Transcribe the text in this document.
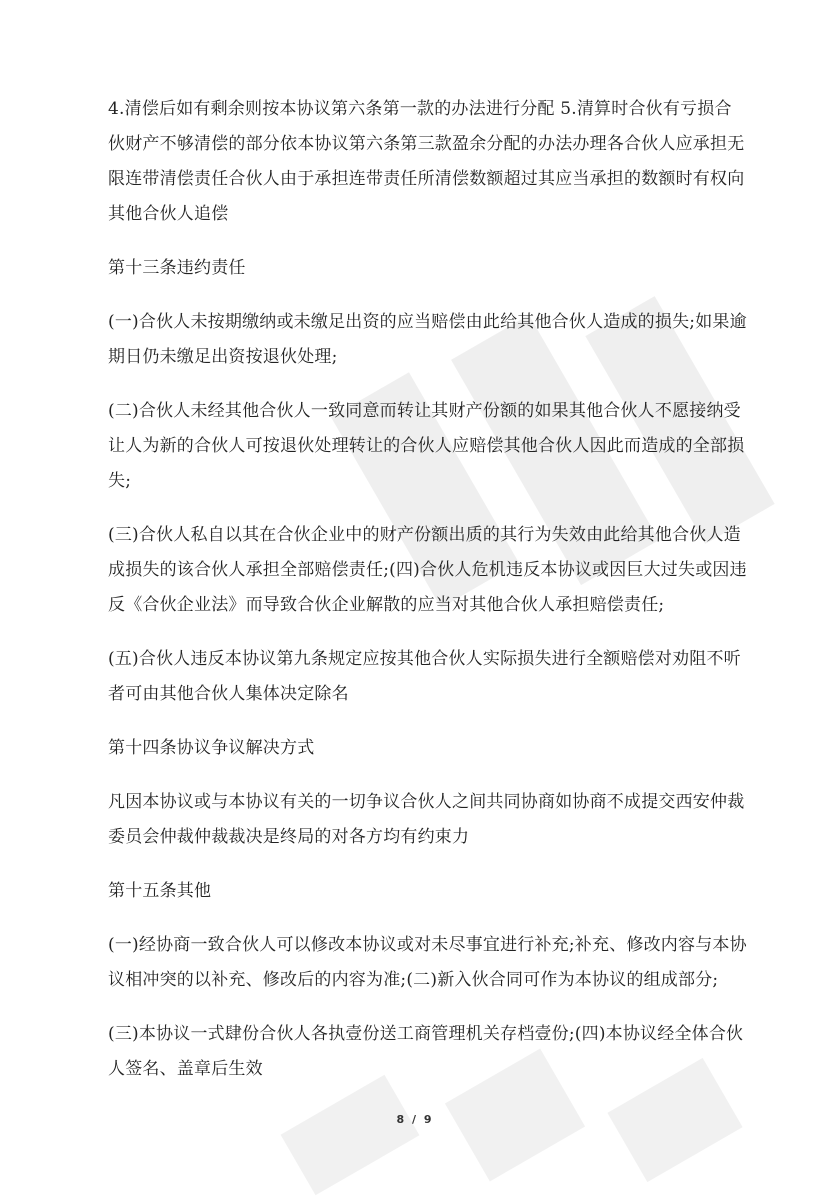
4.清偿后如有剩余则按本协议第六条第一款的办法进行分配 5.清算时合伙有亏损合伙财产不够清偿的部分依本协议第六条第三款盈余分配的办法办理各合伙人应承担无限连带清偿责任合伙人由于承担连带责任所清偿数额超过其应当承担的数额时有权向其他合伙人追偿

第十三条违约责任

(一)合伙人未按期缴纳或未缴足出资的应当赔偿由此给其他合伙人造成的损失;如果逾期日仍未缴足出资按退伙处理;

(二)合伙人未经其他合伙人一致同意而转让其财产份额的如果其他合伙人不愿接纳受让人为新的合伙人可按退伙处理转让的合伙人应赔偿其他合伙人因此而造成的全部损失;

(三)合伙人私自以其在合伙企业中的财产份额出质的其行为失效由此给其他合伙人造成损失的该合伙人承担全部赔偿责任;(四)合伙人危机违反本协议或因巨大过失或因违反《合伙企业法》而导致合伙企业解散的应当对其他合伙人承担赔偿责任;

(五)合伙人违反本协议第九条规定应按其他合伙人实际损失进行全额赔偿对劝阻不听者可由其他合伙人集体决定除名

第十四条协议争议解决方式

凡因本协议或与本协议有关的一切争议合伙人之间共同协商如协商不成提交西安仲裁委员会仲裁仲裁裁决是终局的对各方均有约束力

第十五条其他

(一)经协商一致合伙人可以修改本协议或对未尽事宜进行补充;补充、修改内容与本协议相冲突的以补充、修改后的内容为准;(二)新入伙合同可作为本协议的组成部分;

(三)本协议一式肆份合伙人各执壹份送工商管理机关存档壹份;(四)本协议经全体合伙人签名、盖章后生效

8 / 9
